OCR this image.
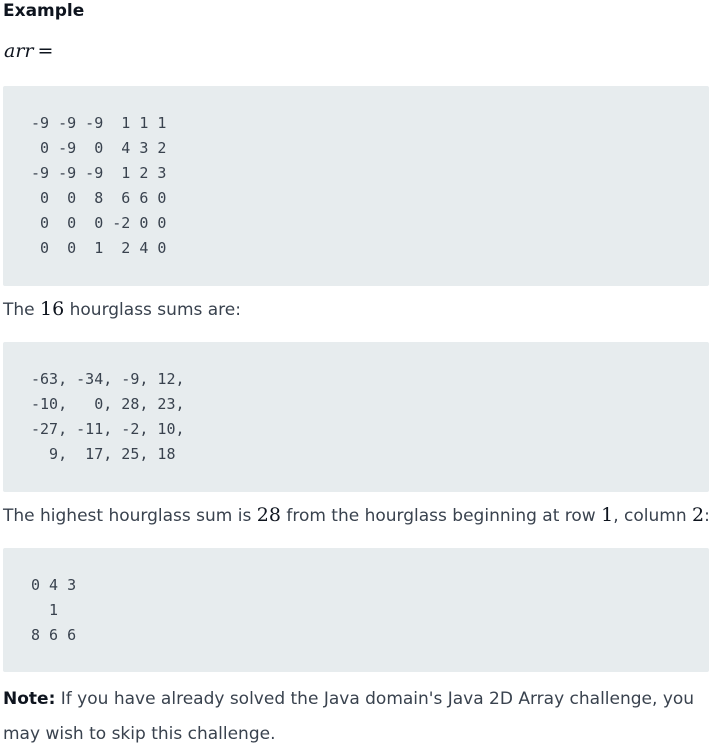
Example
arr =
-9 -9 -9  1 1 1
0 -9  0  4 3 2
-9 -9 -9  1 2 3
0  0  8  6 6 0
0  0  0 -2 0 0
0  0  1  2 4 0
The 16 hourglass sums are:
-63, -34, -9, 12,
-10,   0, 28, 23,
-27, -11, -2, 10,
9,  17, 25, 18
The highest hourglass sum is 28 from the hourglass beginning at row 1, column 2:
0 4 3
1
8 6 6
Note: If you have already solved the Java domain's Java 2D Array challenge, you may wish to skip this challenge.
